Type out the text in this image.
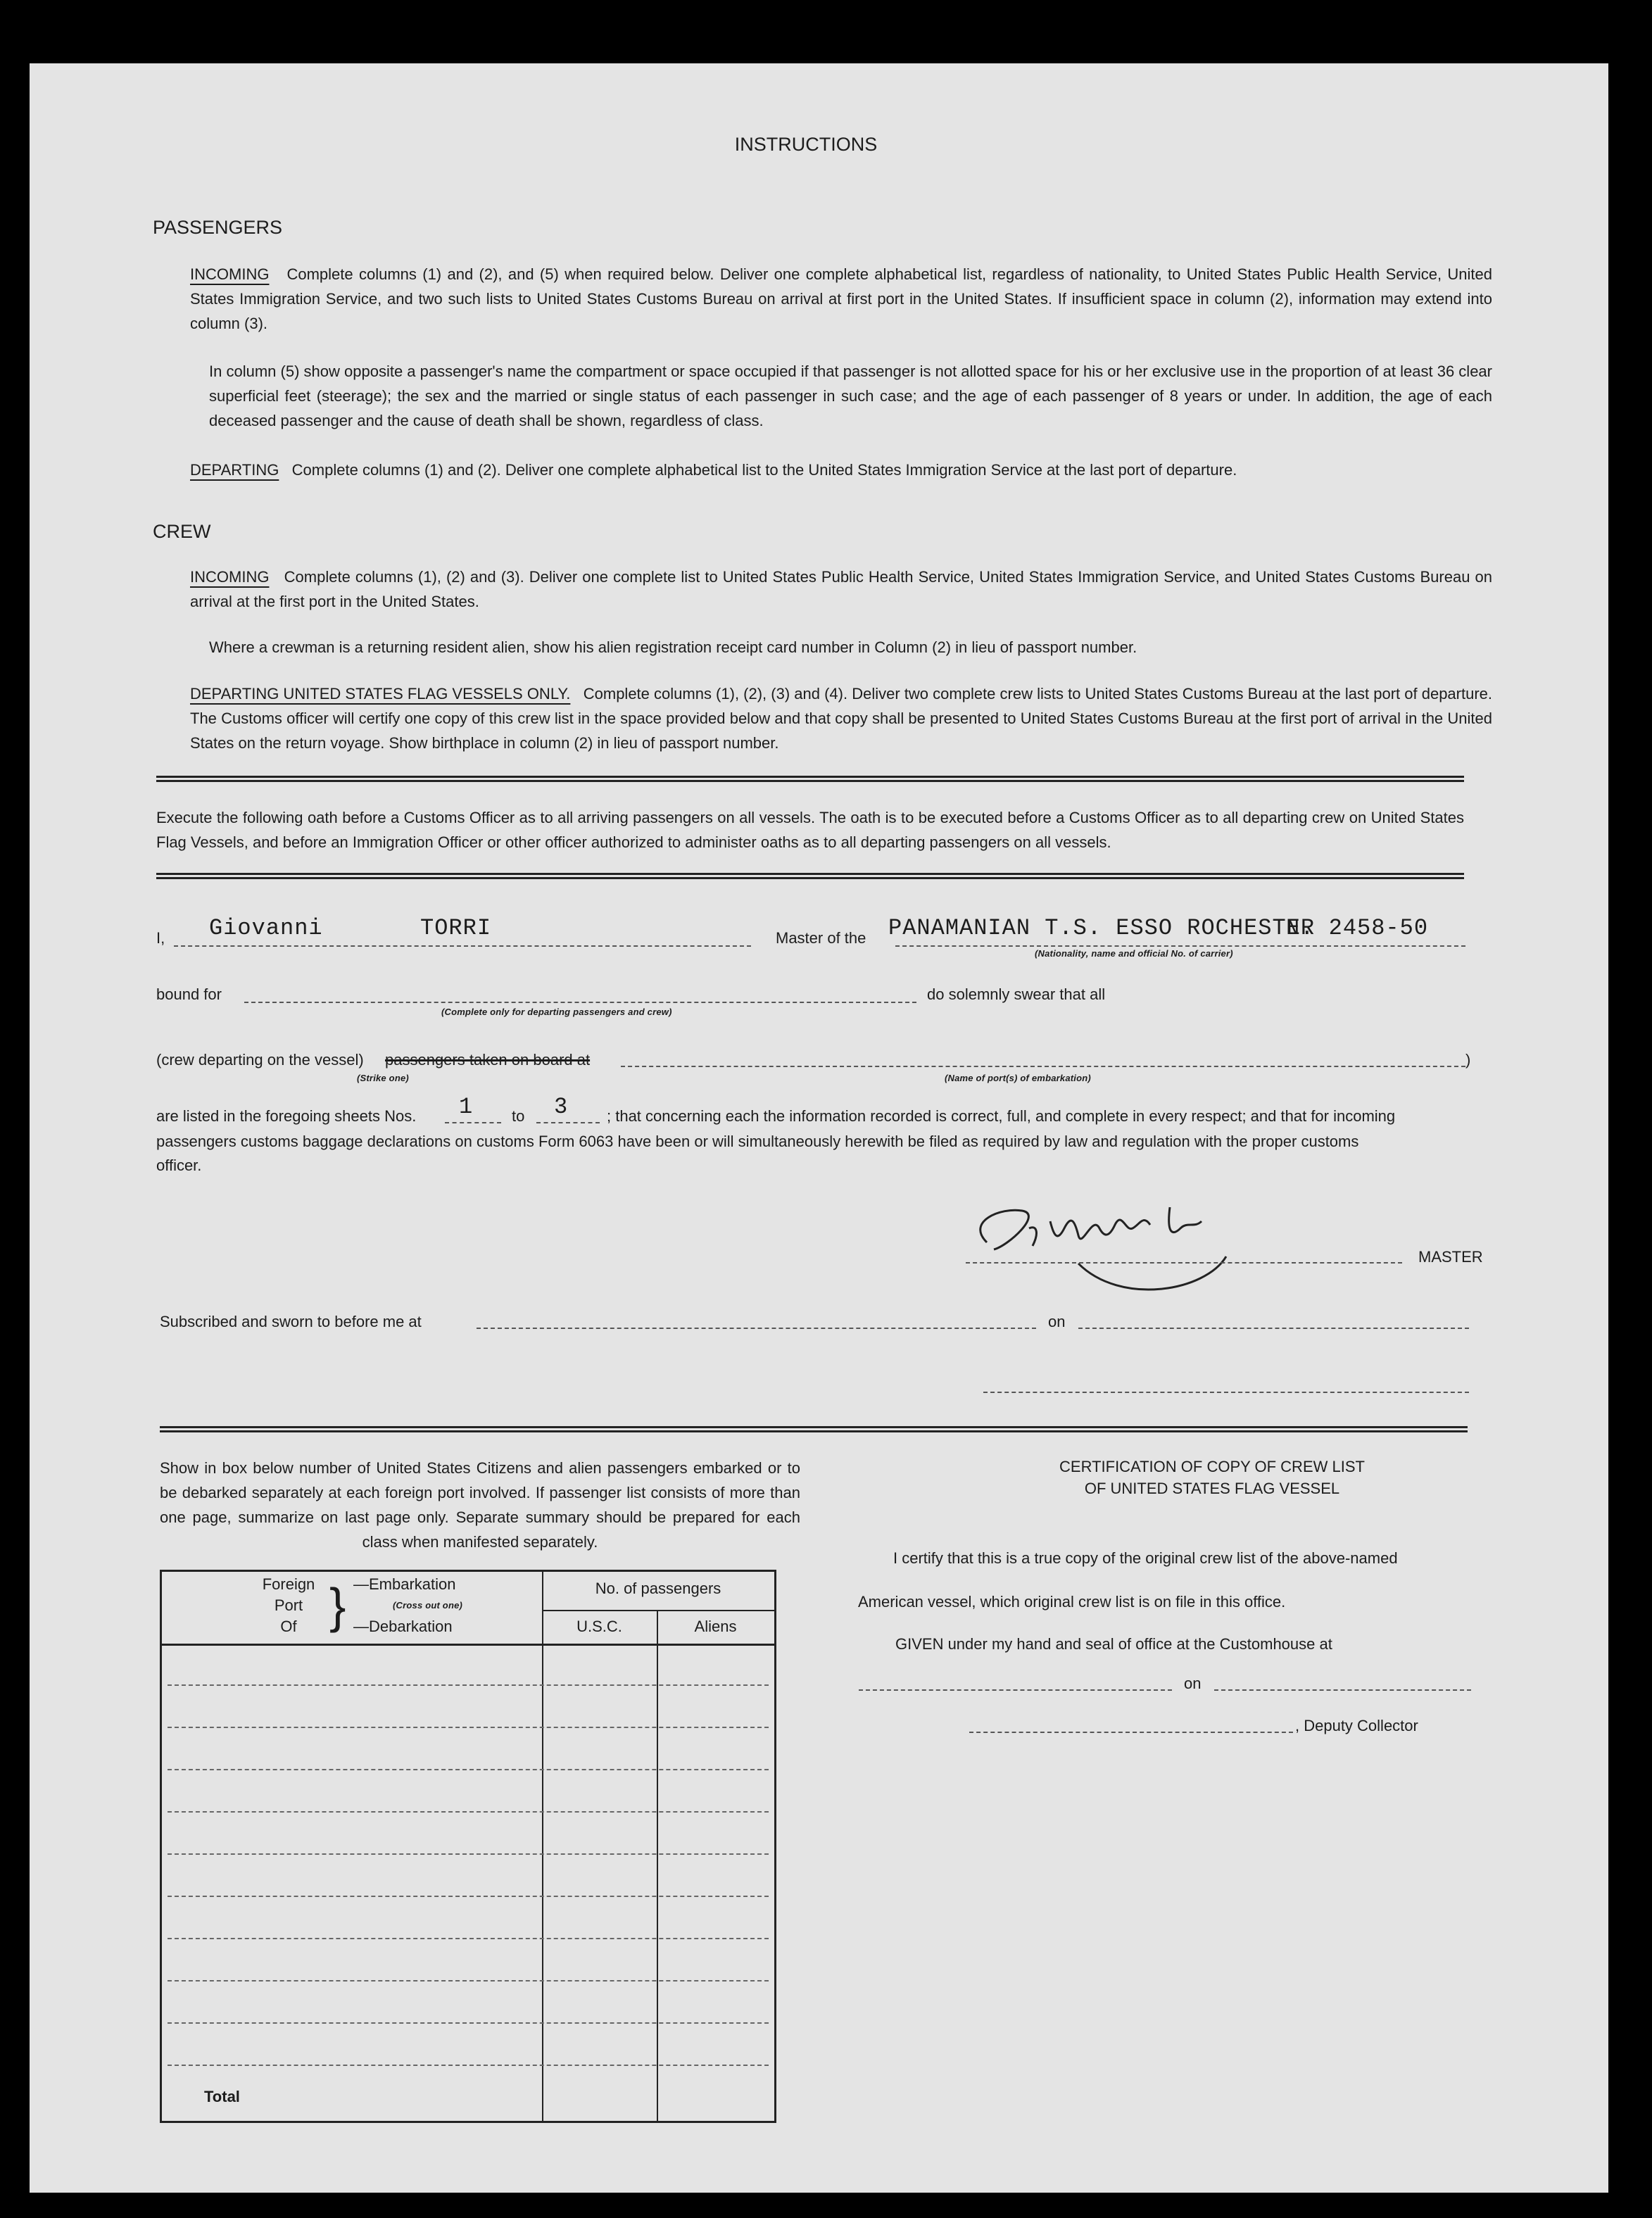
INSTRUCTIONS
PASSENGERS
INCOMING Complete columns (1) and (2), and (5) when required below. Deliver one complete alphabetical list, regardless of nationality, to United States Public Health Service, United States Immigration Service, and two such lists to United States Customs Bureau on arrival at first port in the United States. If insufficient space in column (2), information may extend into column (3).
In column (5) show opposite a passenger's name the compartment or space occupied if that passenger is not allotted space for his or her exclusive use in the proportion of at least 36 clear superficial feet (steerage); the sex and the married or single status of each passenger in such case; and the age of each passenger of 8 years or under. In addition, the age of each deceased passenger and the cause of death shall be shown, regardless of class.
DEPARTING Complete columns (1) and (2). Deliver one complete alphabetical list to the United States Immigration Service at the last port of departure.
CREW
INCOMING Complete columns (1), (2) and (3). Deliver one complete list to United States Public Health Service, United States Immigration Service, and United States Customs Bureau on arrival at the first port in the United States.
Where a crewman is a returning resident alien, show his alien registration receipt card number in Column (2) in lieu of passport number.
DEPARTING UNITED STATES FLAG VESSELS ONLY. Complete columns (1), (2), (3) and (4). Deliver two complete crew lists to United States Customs Bureau at the last port of departure. The Customs officer will certify one copy of this crew list in the space provided below and that copy shall be presented to United States Customs Bureau at the first port of arrival in the United States on the return voyage. Show birthplace in column (2) in lieu of passport number.
Execute the following oath before a Customs Officer as to all arriving passengers on all vessels. The oath is to be executed before a Customs Officer as to all departing crew on United States Flag Vessels, and before an Immigration Officer or other officer authorized to administer oaths as to all departing passengers on all vessels.
I, Giovanni	TORRI	Master of the PANAMANIAN T.S. ESSO ROCHESTER
N. 2458-50
(Nationality, name and official No. of carrier)
bound for
(Complete only for departing passengers and crew)
do solemnly swear that all
(crew departing on the vessel) passengers taken on board at	)
(Strike one)	(Name of port(s) of embarkation)
are listed in the foregoing sheets Nos. 1 to 3 ; that concerning each the information recorded is correct, full, and complete in every respect; and that for incoming
passengers customs baggage declarations on customs Form 6063 have been or will simultaneously herewith be filed as required by law and regulation with the proper customs
officer.
MASTER
Subscribed and sworn to before me at	on
Show in box below number of United States Citizens and alien passengers embarked or to be debarked separately at each foreign port involved. If passenger list consists of more than one page, summarize on last page only. Separate summary should be prepared for each class when manifested separately.
Foreign
Port
Of } —Embarkation
(Cross out one)
—Debarkation
No. of passengers
U.S.C.	Aliens
Total
CERTIFICATION OF COPY OF CREW LIST
OF UNITED STATES FLAG VESSEL
I certify that this is a true copy of the original crew list of the above-named
American vessel, which original crew list is on file in this office.
GIVEN under my hand and seal of office at the Customhouse at
on
, Deputy Collector
